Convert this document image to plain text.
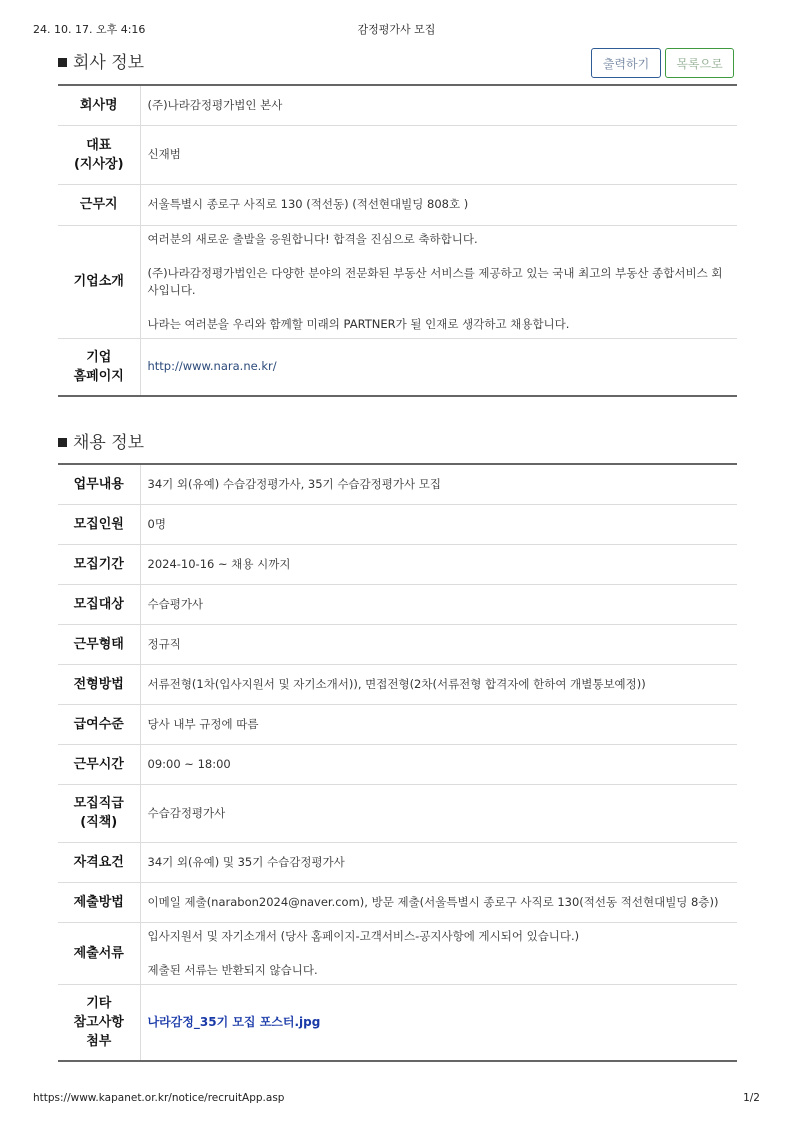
24. 10. 17. 오후 4:16	감정평가사 모집
회사 정보	출력하기	목록으로
회사명	(주)나라감정평가법인 본사

대표
(지사장)	신재범
근무지	서울특별시 종로구 사직로 130 (적선동) (적선현대빌딩 808호 )
기업소개	여러분의 새로운 출발을 응원합니다! 합격을 진심으로 축하합니다.

(주)나라감정평가법인은 다양한 분야의 전문화된 부동산 서비스를 제공하고 있는 국내 최고의 부동산 종합서비스 회사입니다.

나라는 여러분을 우리와 함께할 미래의 PARTNER가 될 인재로 생각하고 채용합니다.

기업
홈페이지	http://www.nara.ne.kr/
채용 정보
업무내용	34기 외(유예) 수습감정평가사, 35기 수습감정평가사 모집
모집인원	0명
모집기간	2024-10-16 ~ 채용 시까지
모집대상	수습평가사
근무형태	정규직
전형방법	서류전형(1차(입사지원서 및 자기소개서)), 면접전형(2차(서류전형 합격자에 한하여 개별통보예정))
급여수준	당사 내부 규정에 따름
근무시간	09:00 ~ 18:00

모집직급
(직책)	수습감정평가사
자격요건	34기 외(유예) 및 35기 수습감정평가사
제출방법	이메일 제출(narabon2024@naver.com), 방문 제출(서울특별시 종로구 사직로 130(적선동 적선현대빌딩 8층))
제출서류	입사지원서 및 자기소개서 (당사 홈페이지-고객서비스-공지사항에 게시되어 있습니다.)

제출된 서류는 반환되지 않습니다.

기타
참고사항
첨부	나라감정_35기 모집 포스터.jpg
https://www.kapanet.or.kr/notice/recruitApp.asp	1/2
